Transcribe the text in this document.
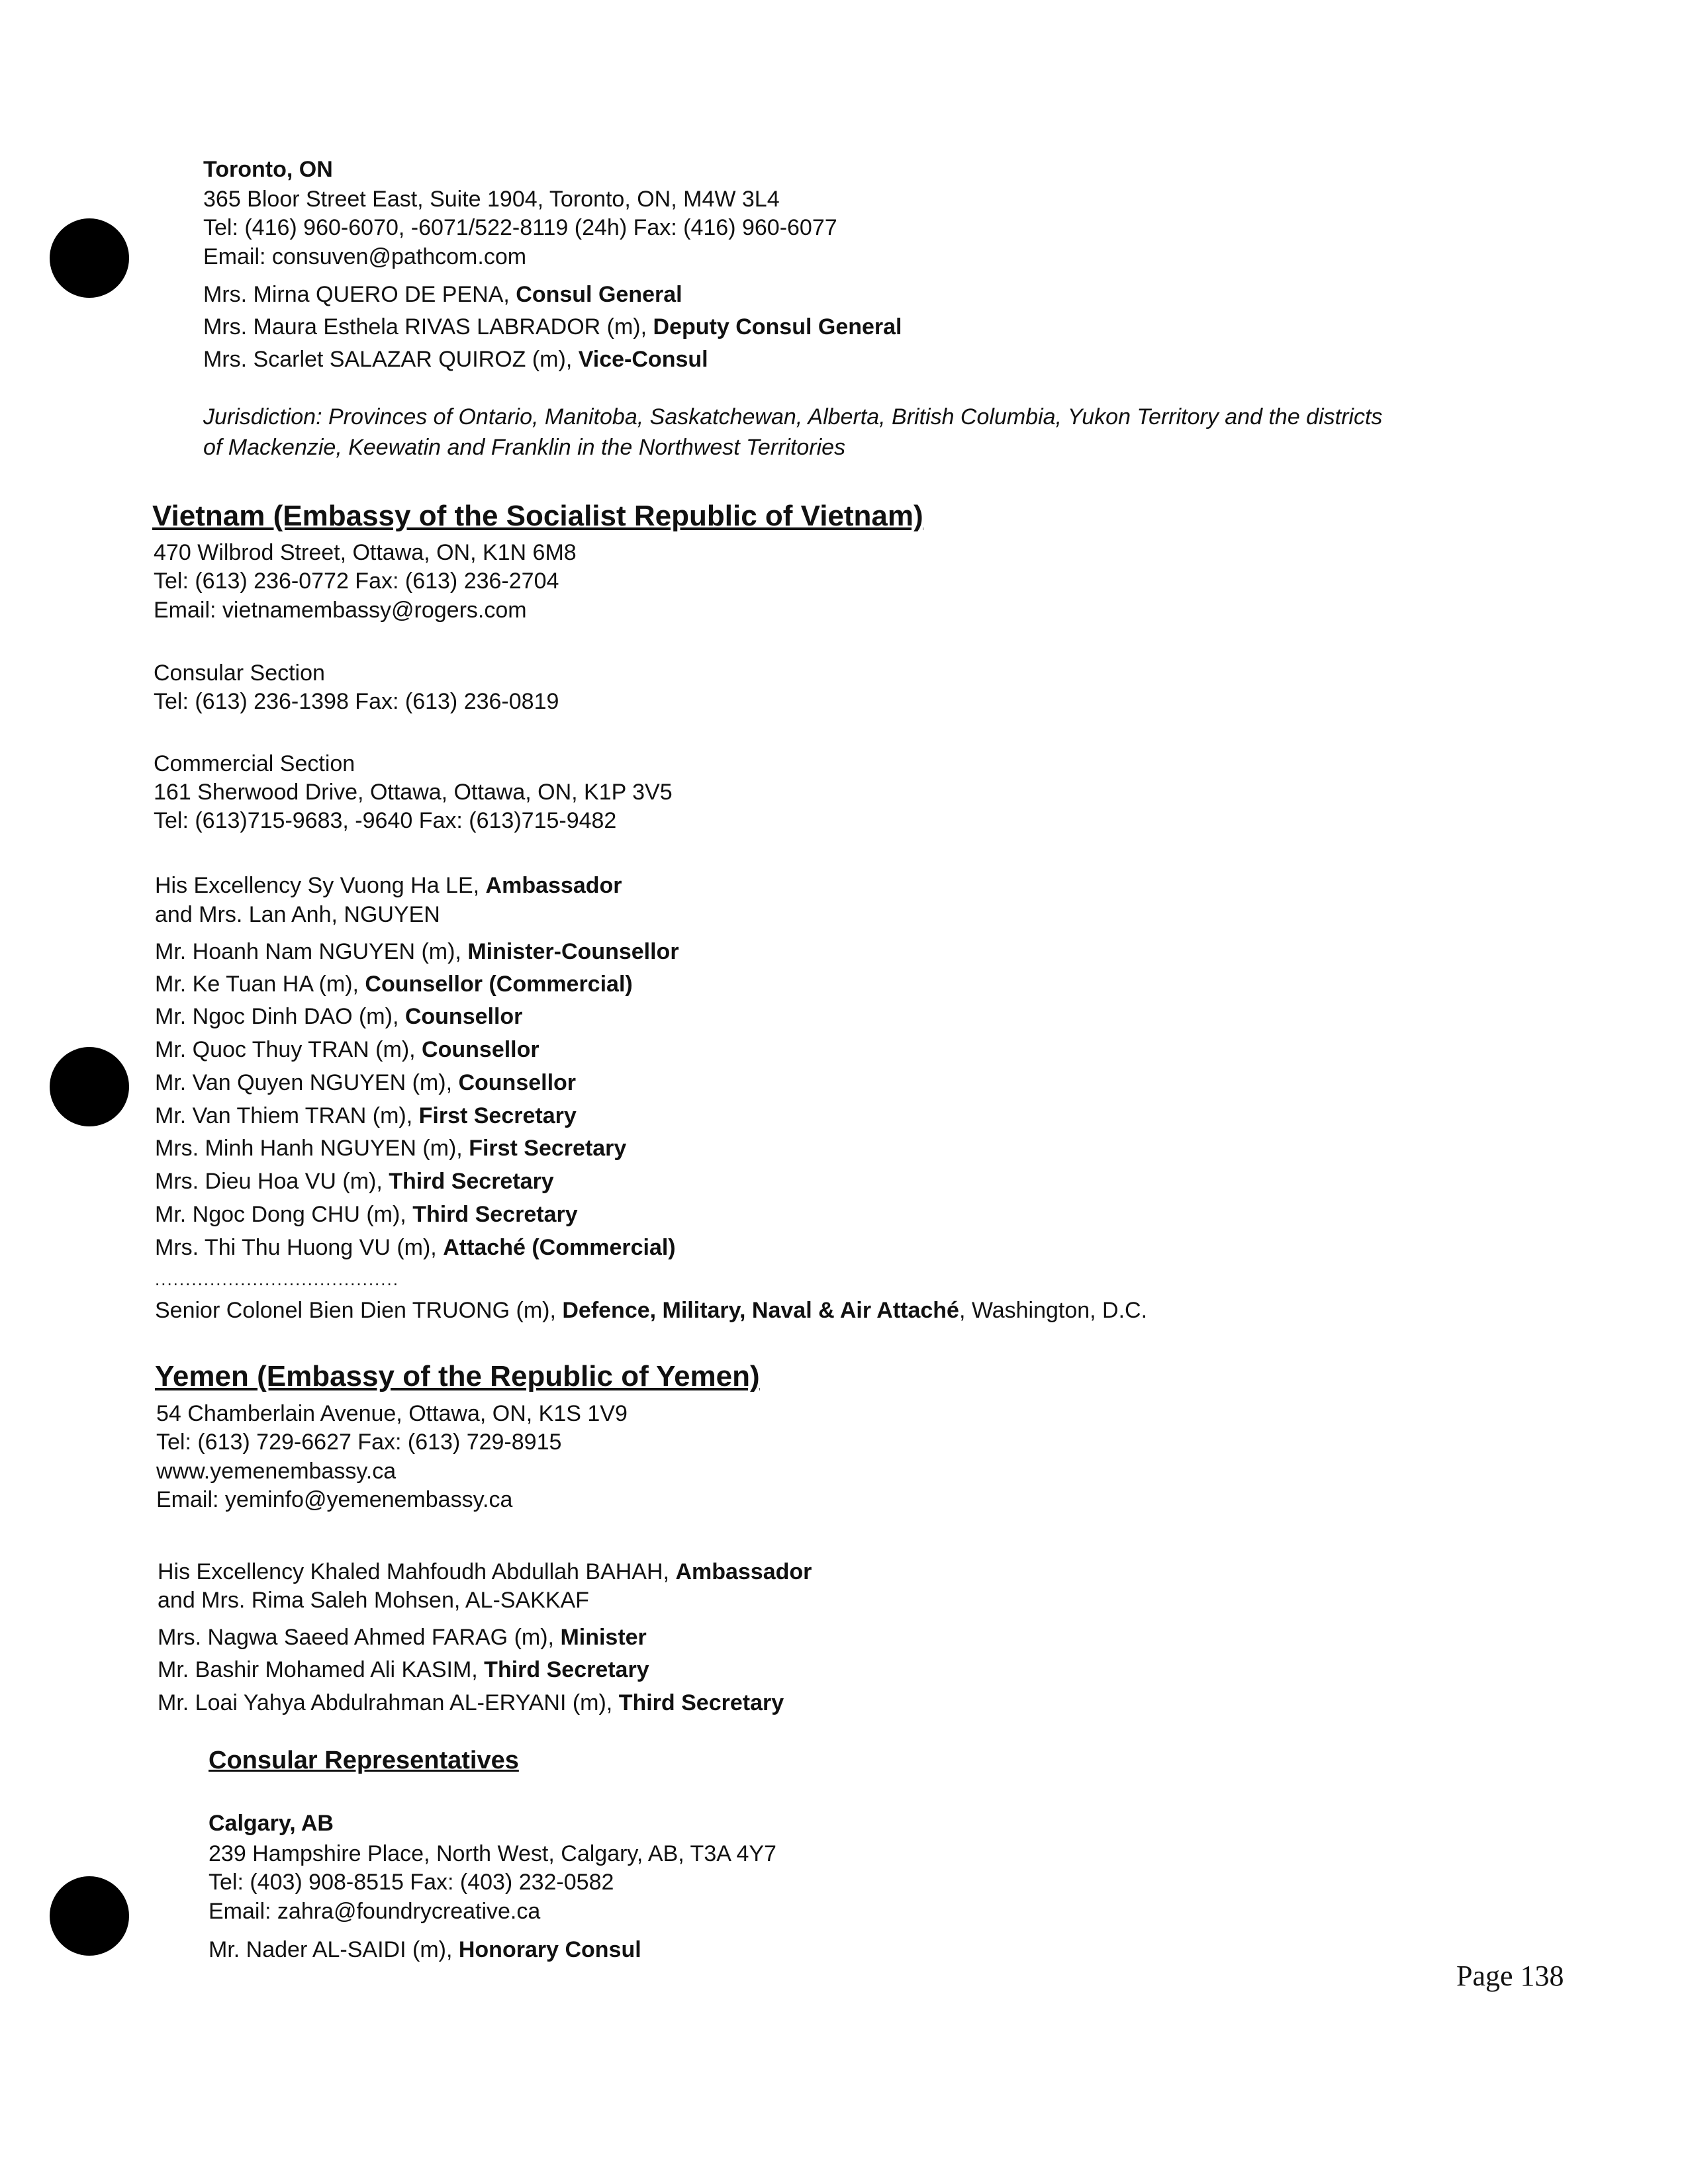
Toronto, ON
365 Bloor Street East, Suite 1904, Toronto, ON, M4W 3L4
Tel: (416) 960-6070, -6071/522-8119 (24h) Fax: (416) 960-6077
Email: consuven@pathcom.com
Mrs. Mirna QUERO DE PENA, Consul General
Mrs. Maura Esthela RIVAS LABRADOR (m), Deputy Consul General
Mrs. Scarlet SALAZAR QUIROZ (m), Vice-Consul
Jurisdiction: Provinces of Ontario, Manitoba, Saskatchewan, Alberta, British Columbia, Yukon Territory and the districts
of Mackenzie, Keewatin and Franklin in the Northwest Territories
Vietnam (Embassy of the Socialist Republic of Vietnam)
470 Wilbrod Street, Ottawa, ON, K1N 6M8
Tel: (613) 236-0772 Fax: (613) 236-2704
Email: vietnamembassy@rogers.com
Consular Section
Tel: (613) 236-1398 Fax: (613) 236-0819
Commercial Section
161 Sherwood Drive, Ottawa, Ottawa, ON, K1P 3V5
Tel: (613)715-9683, -9640 Fax: (613)715-9482
His Excellency Sy Vuong Ha LE, Ambassador
and Mrs. Lan Anh, NGUYEN
Mr. Hoanh Nam NGUYEN (m), Minister-Counsellor
Mr. Ke Tuan HA (m), Counsellor (Commercial)
Mr. Ngoc Dinh DAO (m), Counsellor
Mr. Quoc Thuy TRAN (m), Counsellor
Mr. Van Quyen NGUYEN (m), Counsellor
Mr. Van Thiem TRAN (m), First Secretary
Mrs. Minh Hanh NGUYEN (m), First Secretary
Mrs. Dieu Hoa VU (m), Third Secretary
Mr. Ngoc Dong CHU (m), Third Secretary
Mrs. Thi Thu Huong VU (m), Attaché (Commercial)
........................................
Senior Colonel Bien Dien TRUONG (m), Defence, Military, Naval & Air Attaché, Washington, D.C.
Yemen (Embassy of the Republic of Yemen)
54 Chamberlain Avenue, Ottawa, ON, K1S 1V9
Tel: (613) 729-6627 Fax: (613) 729-8915
www.yemenembassy.ca
Email: yeminfo@yemenembassy.ca
His Excellency Khaled Mahfoudh Abdullah BAHAH, Ambassador
and Mrs. Rima Saleh Mohsen, AL-SAKKAF
Mrs. Nagwa Saeed Ahmed FARAG (m), Minister
Mr. Bashir Mohamed Ali KASIM, Third Secretary
Mr. Loai Yahya Abdulrahman AL-ERYANI (m), Third Secretary
Consular Representatives
Calgary, AB
239 Hampshire Place, North West, Calgary, AB, T3A 4Y7
Tel: (403) 908-8515 Fax: (403) 232-0582
Email: zahra@foundrycreative.ca
Mr. Nader AL-SAIDI (m), Honorary Consul
Page 138
